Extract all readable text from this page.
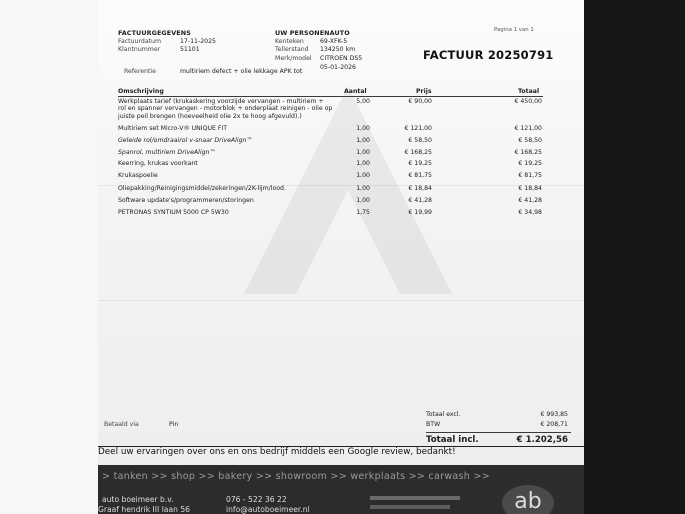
FACTUURGEGEVENS
Factuurdatum	17-11-2025
Klantnummer	51101
Referentie	multiriem defect + olie lekkage APK tot
UW PERSONENAUTO
Kenteken	69-XFK-5
Tellerstand 134250 km
Merk/model CITROEN DS5
05-01-2026
Pagina 1 van 1
FACTUUR 20250791
Omschrijving	Aantal	Prijs	Totaal
Werkplaats tarief (krukaskering voorzijde vervangen - multiriem + rol en spanner vervangen - motorblok + onderplaat reinigen - olie op juiste peil brengen (hoeveelheid olie 2x te hoog afgevuld).)
5,00	€ 90,00	€ 450,00
Multiriem set Micro-V® UNIQUE FIT	1,00	€ 121,00	€ 121,00
Geleide rol/omdraairol v-snaar DriveAlign™	1,00	€ 58,50	€ 58,50
Spanrol, multiriem DriveAlign™	1,00	€ 168,25	€ 168,25
Keerring, krukas voorkant	1,00	€ 19,25	€ 19,25
Krukaspoelie	1,00	€ 81,75	€ 81,75
Oliepakking/Reinigingsmiddel/zekeringen/2K-lijm/lood.	1,00	€ 18,84	€ 18,84
Software update's/programmeren/storingen	1,00	€ 41,28	€ 41,28
PETRONAS SYNTIUM 5000 CP 5W30	1,75	€ 19,99	€ 34,98
Betaald via	Pin
Totaal excl.	€ 993,85
BTW	€ 208,71
Totaal incl.	€ 1.202,56
Deel uw ervaringen over ons en ons bedrijf middels een Google review, bedankt!
> tanken >> shop >> bakery >> showroom >> werkplaats >> carwash >>
auto boeimeer b.v.
Graaf hendrik III laan 56
076 - 522 36 22
info@autoboeimeer.nl	ab
